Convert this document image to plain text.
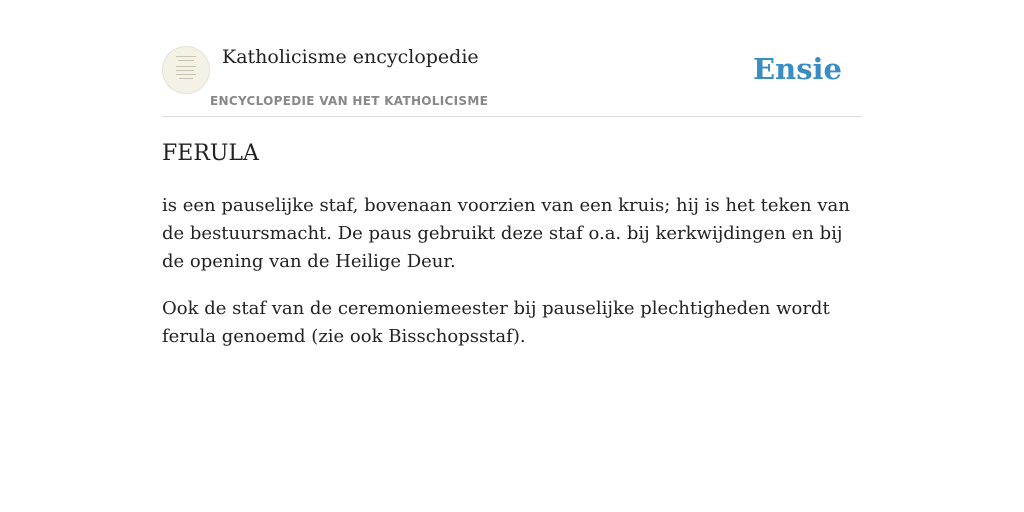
Katholicisme encyclopedie
ENCYCLOPEDIE VAN HET KATHOLICISME
Ensie
FERULA

is een pauselijke staf, bovenaan voorzien van een kruis; hij is het teken van de bestuursmacht. De paus gebruikt deze staf o.a. bij kerkwijdingen en bij de opening van de Heilige Deur.

Ook de staf van de ceremoniemeester bij pauselijke plechtigheden wordt ferula genoemd (zie ook Bisschopsstaf).
